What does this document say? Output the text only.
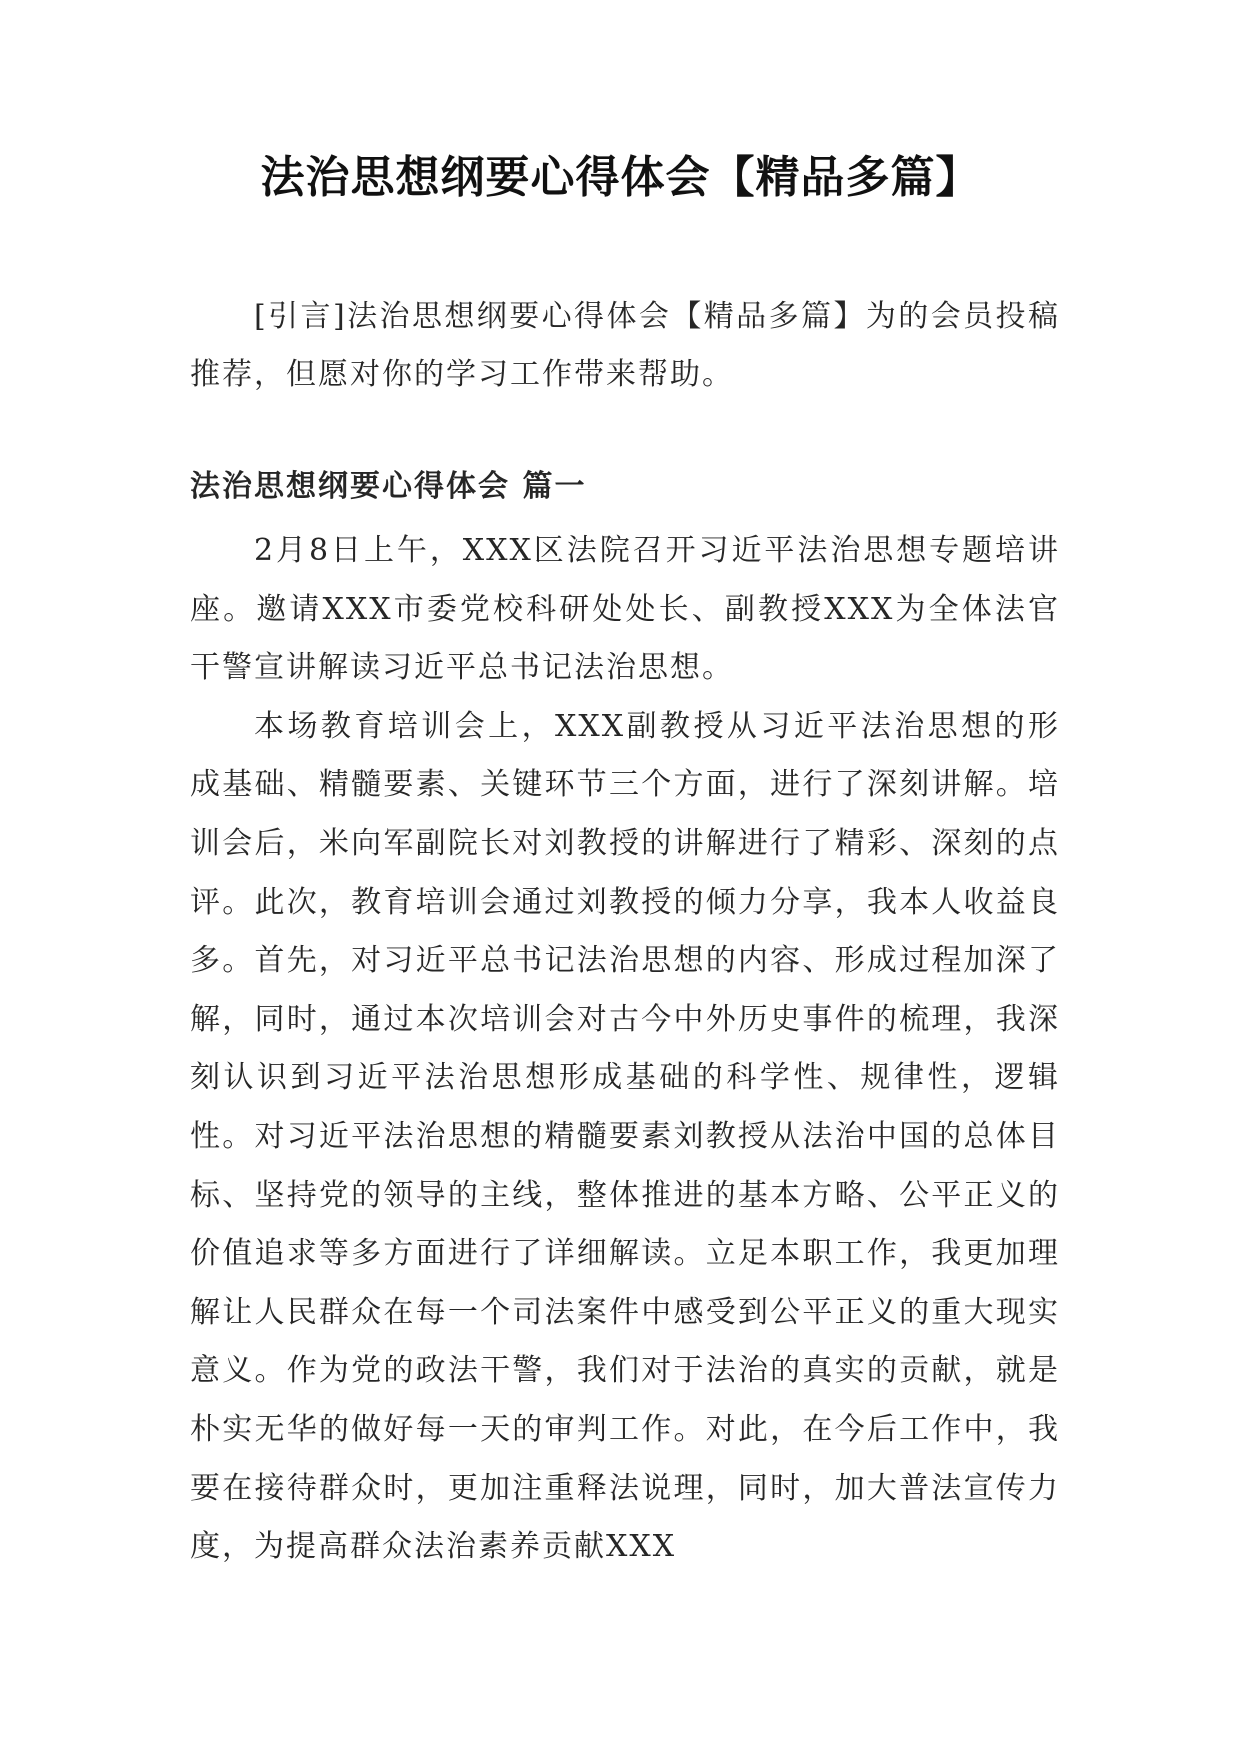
法治思想纲要心得体会【精品多篇】

[引言]法治思想纲要心得体会【精品多篇】为的会员投稿推荐，但愿对你的学习工作带来帮助。

法治思想纲要心得体会 篇一

2月8日上午，XXX区法院召开习近平法治思想专题培讲座。邀请XXX市委党校科研处处长、副教授XXX为全体法官干警宣讲解读习近平总书记法治思想。

本场教育培训会上，XXX副教授从习近平法治思想的形成基础、精髓要素、关键环节三个方面，进行了深刻讲解。培训会后，米向军副院长对刘教授的讲解进行了精彩、深刻的点评。此次，教育培训会通过刘教授的倾力分享，我本人收益良多。首先，对习近平总书记法治思想的内容、形成过程加深了解，同时，通过本次培训会对古今中外历史事件的梳理，我深刻认识到习近平法治思想形成基础的科学性、规律性，逻辑性。对习近平法治思想的精髓要素刘教授从法治中国的总体目标、坚持党的领导的主线，整体推进的基本方略、公平正义的价值追求等多方面进行了详细解读。立足本职工作，我更加理解让人民群众在每一个司法案件中感受到公平正义的重大现实意义。作为党的政法干警，我们对于法治的真实的贡献，就是朴实无华的做好每一天的审判工作。对此，在今后工作中，我要在接待群众时，更加注重释法说理，同时，加大普法宣传力度，为提高群众法治素养贡献XXX
